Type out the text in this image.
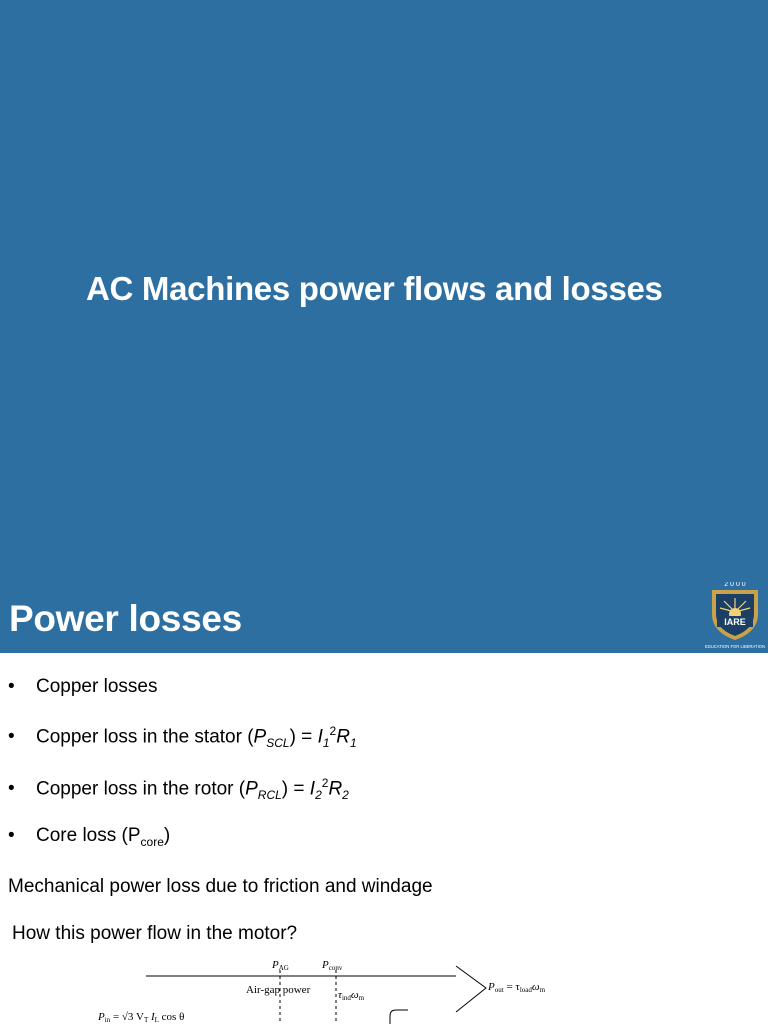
AC Machines power flows and losses
Power losses
2 0 0 0
IARE
EDUCATION FOR LIBERATION
• Copper losses
• Copper loss in the stator $(P_{SCL}) = I_1^2R_1$
• Copper loss in the rotor $(P_{RCL}) = I_2^2R_2$
• Core loss $(P_{core})$
Mechanical power loss due to friction and windage
How this power flow in the motor?
PAG	Pconv
Air-gap power	τindωm
Pout = τloadωm
Pin = √3 VT IL cos θ
